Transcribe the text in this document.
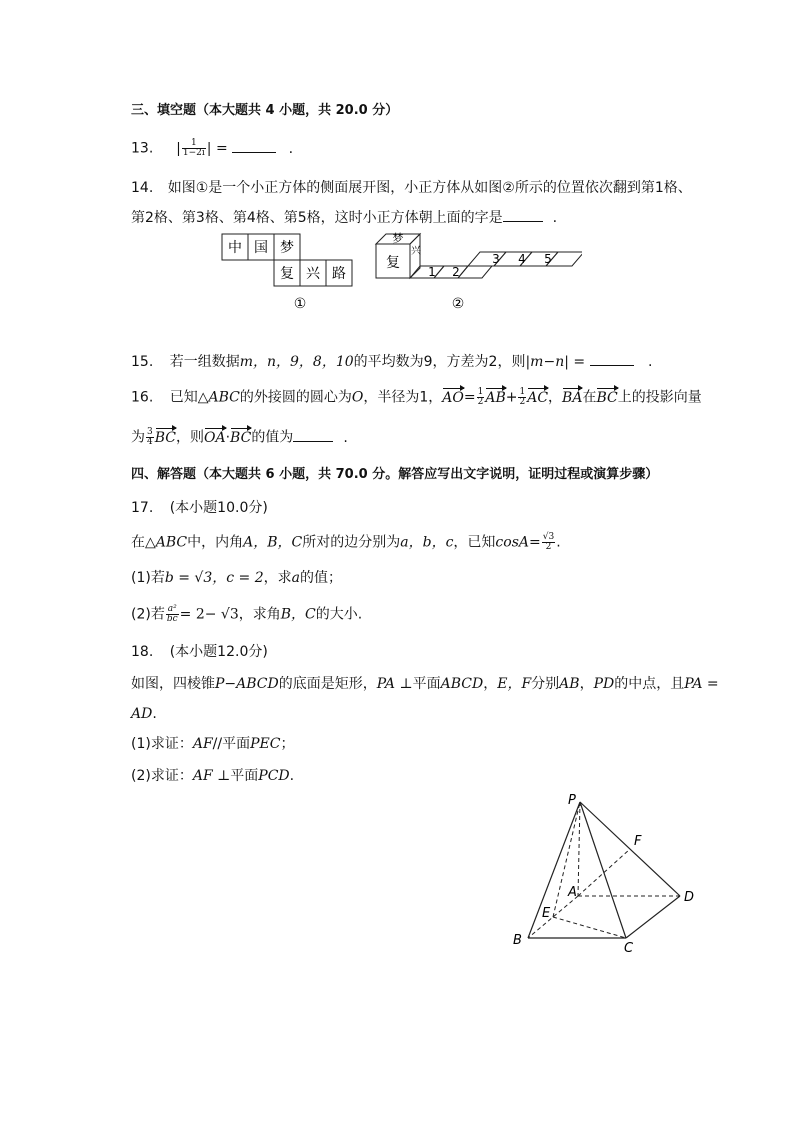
三、填空题（本大题共 4 小题，共 20.0 分）
13. | $\frac{1}{1-2i}$ | =	.
14. 如图①是一个小正方体的侧面展开图，小正方体从如图②所示的位置依次翻到第1格、
第2格、第3格、第4格、第5格，这时小正方体朝上面的字是	.
中 国 梦
复 兴 路
①
梦
复
兴
1 2
3 4 5
②
15. 若一组数据m，n，9，8，10的平均数为9，方差为2，则|m−n| =	.
16. 已知△ABC的外接圆的圆心为O，半径为1，$AO= \frac{1}{2} AB+ \frac{1}{2}$ AC，BA在BC上的投影向量
为 $\frac{3}{4}$ BC，则OA·BC的值为	.
四、解答题（本大题共 6 小题，共 70.0 分。解答应写出文字说明，证明过程或演算步骤）
17. (本小题10.0分)
在△ABC中，内角A，B，C所对的边分别为a，b，c，已知$\cos A= \frac{√3}{2}$ .
(1)若b = √3，c = 2，求a的值；
(2)若 $\frac{\text{a²}}{bc} = 2- √3$，求角B，C的大小.
18. (本小题12.0分)
如图，四棱锥P−ABCD的底面是矩形，PA ⊥平面ABCD，E，F分别AB，PD的中点，且PA =
AD.
(1)求证：AF//平面PEC；
(2)求证：AF ⊥平面PCD.
P
A
B
C
D
E
F
